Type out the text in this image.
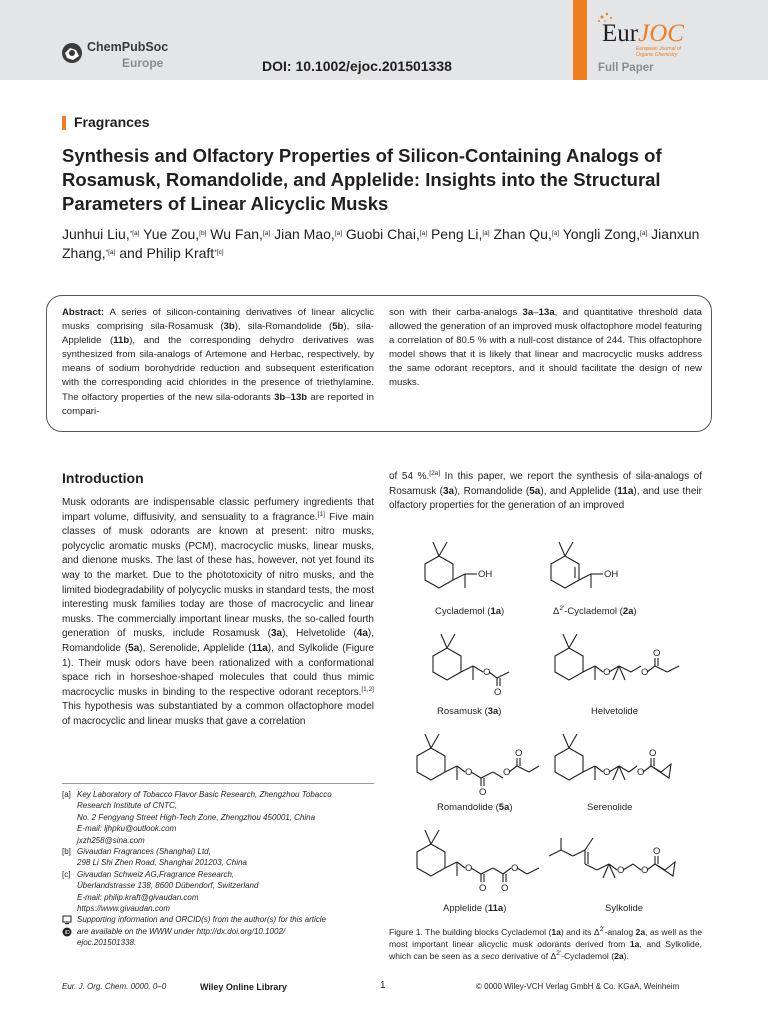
ChemPubSoc
Europe	DOI: 10.1002/ejoc.201501338
EurJOC
European Journal of Organic Chemistry
Full Paper
Fragrances
Synthesis and Olfactory Properties of Silicon-Containing Analogs of Rosamusk, Romandolide, and Applelide: Insights into the Structural Parameters of Linear Alicyclic Musks
Junhui Liu,$^{*[a]}$ Yue Zou,[b] Wu Fan,[a] Jian Mao,[a] Guobi Chai,[a] Peng Li,[a] Zhan Qu,[a] Yongli Zong,[a] Jianxun Zhang,$^{*[a]}$ and Philip Kraft$^{*[c]}$
Abstract: A series of silicon-containing derivatives of linear alicyclic musks comprising sila-Rosamusk (3b), sila-Romandolide (5b), sila-Applelide (11b), and the corresponding dehydro derivatives was synthesized from sila-analogs of Artemone and Herbac, respectively, by means of sodium borohydride reduction and subsequent esterification with the corresponding acid chlorides in the presence of triethylamine. The olfactory properties of the new sila-odorants 3b–13b are reported in compari-
son with their carba-analogs 3a–13a, and quantitative threshold data allowed the generation of an improved musk olfactophore model featuring a correlation of 80.5 % with a null-cost distance of 244. This olfactophore model shows that it is likely that linear and macrocyclic musks address the same odorant receptors, and it should facilitate the design of new musks.
Introduction
Musk odorants are indispensable classic perfumery ingredients that impart volume, diffusivity, and sensuality to a fragrance.[1] Five main classes of musk odorants are known at present: nitro musks, polycyclic aromatic musks (PCM), macrocyclic musks, linear musks, and dienone musks. The last of these has, however, not yet found its way to the market. Due to the phototoxicity of nitro musks, and the limited biodegradability of polycyclic musks in standard tests, the most interesting musk families today are those of macrocyclic and linear musks. The commercially important linear musks, the so-called fourth generation of musks, include Rosamusk (3a), Helvetolide (4a), Romandolide (5a), Serenolide, Applelide (11a), and Sylkolide (Figure 1). Their musk odors have been rationalized with a conformational space rich in horseshoe-shaped molecules that could thus mimic macrocyclic musks in binding to the respective odorant receptors.[1,2] This hypothesis was substantiated by a common olfactophore model of macrocyclic and linear musks that gave a correlation
of 54 %.[2a] In this paper, we report the synthesis of sila-analogs of Rosamusk (3a), Romandolide (5a), and Applelide (11a), and use their olfactory properties for the generation of an improved
[a] Key Laboratory of Tobacco Flavor Basic Research, Zhengzhou Tobacco
Research Institute of CNTC,
No. 2 Fengyang Street High-Tech Zone, Zhengzhou 450001, China
E-mail: ljhpku@outlook.com
jxzh258@sina.com
[b] Givaudan Fragrances (Shanghai) Ltd,
298 Li Shi Zhen Road, Shanghai 201203, China
[c] Givaudan Schweiz AG,Fragrance Research,
Überlandstrasse 138, 8600 Dübendorf, Switzerland
E-mail: philip.kraft@givaudan.com
https://www.givaudan.com
iD
Supporting information and ORCID(s) from the author(s) for this article
are available on the WWW under http://dx.doi.org/10.1002/
ejoc.201501338.
OH	OH
O
O
O	O
O
O
O
O
O
O	O
O
O
O O
O	O O
O
Cyclademol (1a)	$\Delta^{2'}$-Cyclademol (2a)
Rosamusk (3a)	Helvetolide
Romandolide (5a)	Serenolide
Applelide (11a)	Sylkolide
Figure 1. The building blocks Cyclademol (1a) and its $\Delta^{2'}$-analog 2a, as well as the most important linear alicyclic musk odorants derived from 1a, and Sylkolide, which can be seen as a seco derivative of $\Delta^{2'}$-Cyclademol (2a).
Eur. J. Org. Chem. 0000, 0–0	Wiley Online Library	1	© 0000 Wiley-VCH Verlag GmbH & Co. KGaA, Weinheim
